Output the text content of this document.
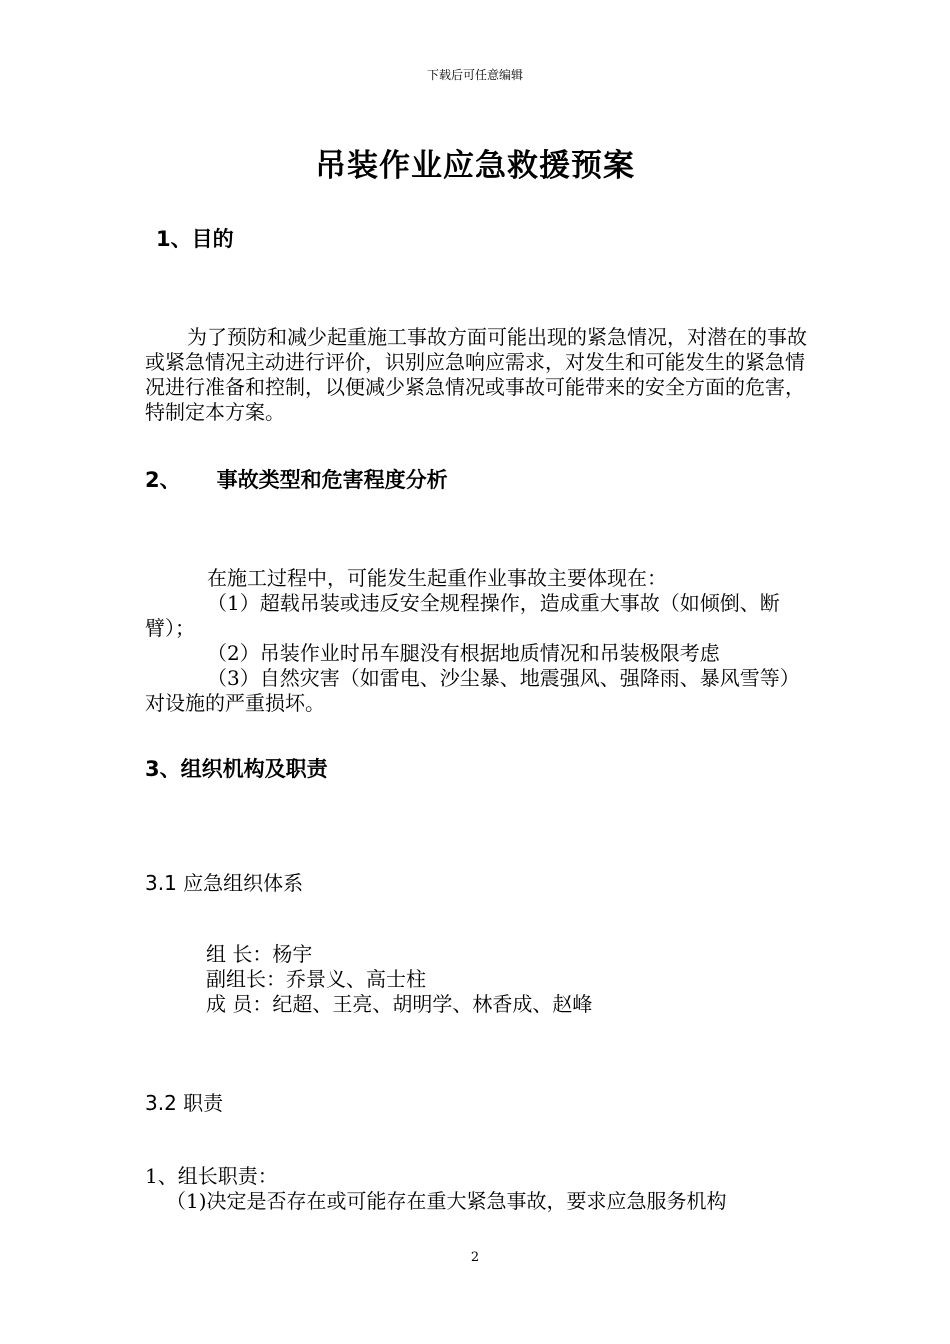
下载后可任意编辑
吊装作业应急救援预案
1、目的

为了预防和减少起重施工事故方面可能出现的紧急情况，对潜在的事故或紧急情况主动进行评价，识别应急响应需求，对发生和可能发生的紧急情况进行准备和控制，以便减少紧急情况或事故可能带来的安全方面的危害，特制定本方案。

2、 事故类型和危害程度分析

在施工过程中，可能发生起重作业事故主要体现在：

（1）超载吊装或违反安全规程操作，造成重大事故（如倾倒、断臂）；

（2）吊装作业时吊车腿没有根据地质情况和吊装极限考虑

（3）自然灾害（如雷电、沙尘暴、地震强风、强降雨、暴风雪等）对设施的严重损坏。

3、组织机构及职责
3.1 应急组织体系
组 长：杨宇
副组长：乔景义、高士柱
成 员：纪超、王亮、胡明学、林香成、赵峰
3.2 职责
1、组长职责：
（1)决定是否存在或可能存在重大紧急事故，要求应急服务机构
2
